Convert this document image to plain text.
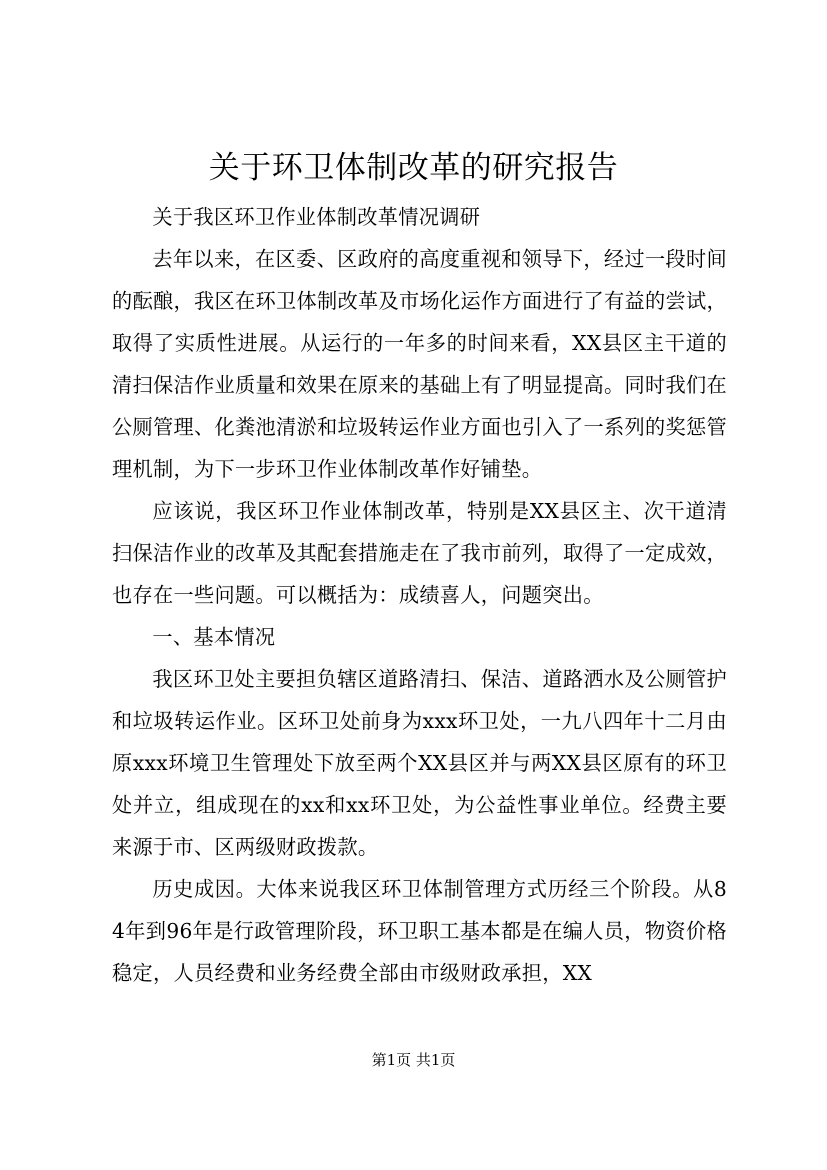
关于环卫体制改革的研究报告

关于我区环卫作业体制改革情况调研

去年以来，在区委、区政府的高度重视和领导下，经过一段时间的酝酿，我区在环卫体制改革及市场化运作方面进行了有益的尝试，取得了实质性进展。从运行的一年多的时间来看，XX县区主干道的清扫保洁作业质量和效果在原来的基础上有了明显提高。同时我们在公厕管理、化粪池清淤和垃圾转运作业方面也引入了一系列的奖惩管理机制，为下一步环卫作业体制改革作好铺垫。

应该说，我区环卫作业体制改革，特别是XX县区主、次干道清扫保洁作业的改革及其配套措施走在了我市前列，取得了一定成效，也存在一些问题。可以概括为：成绩喜人，问题突出。

一、基本情况

我区环卫处主要担负辖区道路清扫、保洁、道路洒水及公厕管护和垃圾转运作业。区环卫处前身为xxx环卫处，一九八四年十二月由原xxx环境卫生管理处下放至两个XX县区并与两XX县区原有的环卫处并立，组成现在的xx和xx环卫处，为公益性事业单位。经费主要来源于市、区两级财政拨款。

历史成因。大体来说我区环卫体制管理方式历经三个阶段。从84年到96年是行政管理阶段，环卫职工基本都是在编人员，物资价格稳定，人员经费和业务经费全部由市级财政承担，XX

第1页 共1页
